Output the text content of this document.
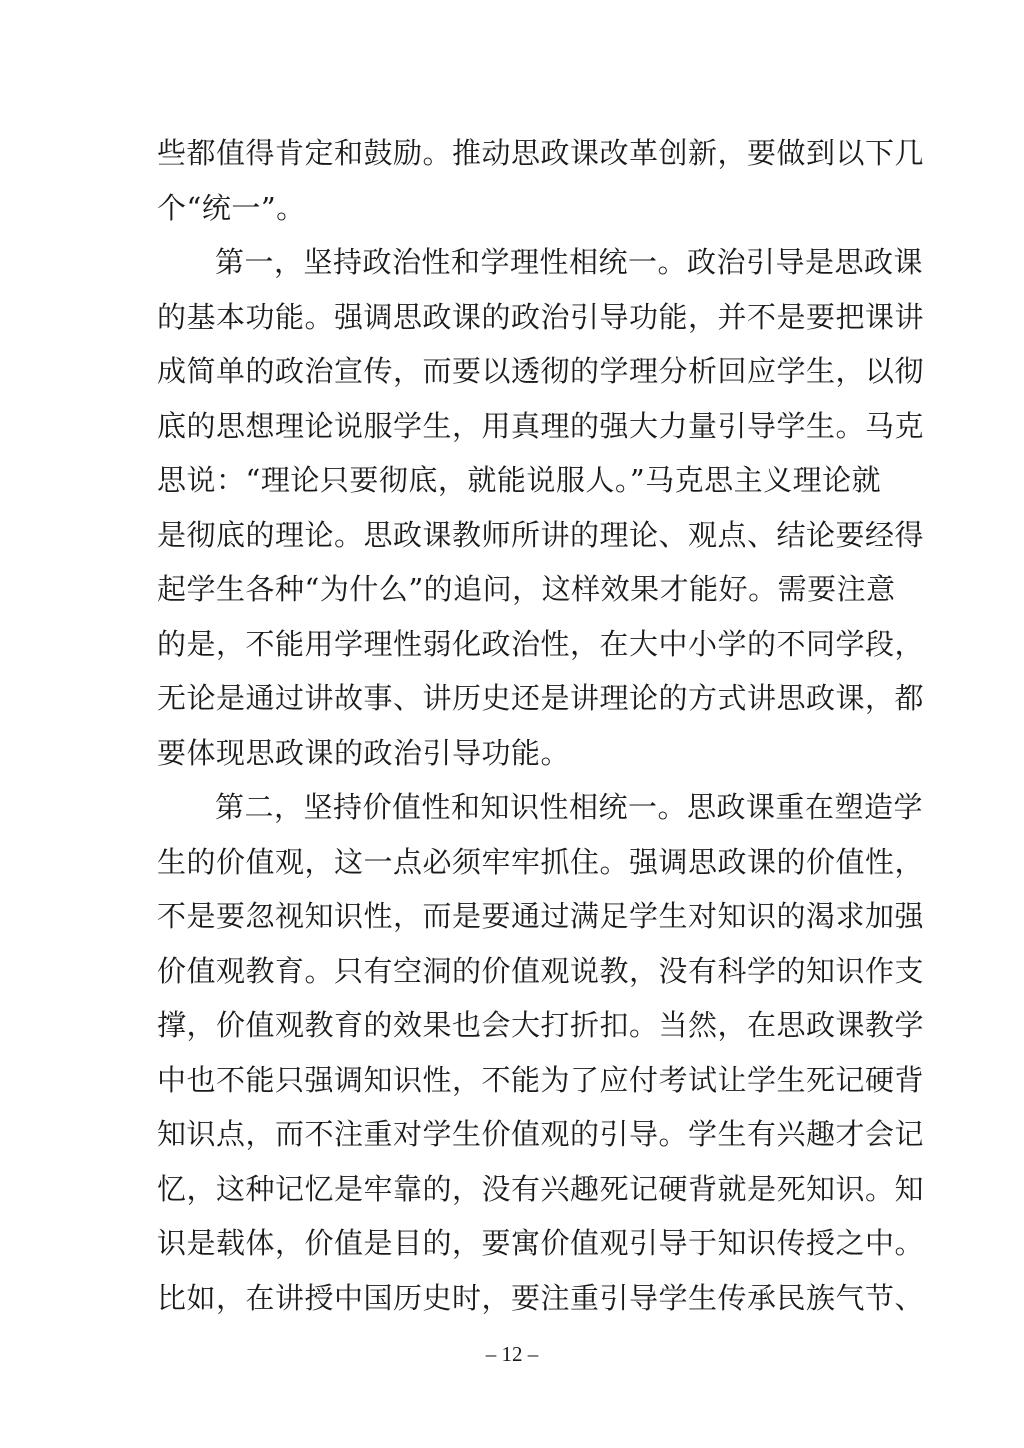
些都值得肯定和鼓励。推动思政课改革创新，要做到以下几
个“统一”。
第一，坚持政治性和学理性相统一。政治引导是思政课
的基本功能。强调思政课的政治引导功能，并不是要把课讲
成简单的政治宣传，而要以透彻的学理分析回应学生，以彻
底的思想理论说服学生，用真理的强大力量引导学生。马克
思说：“理论只要彻底，就能说服人。”马克思主义理论就
是彻底的理论。思政课教师所讲的理论、观点、结论要经得
起学生各种“为什么”的追问，这样效果才能好。需要注意
的是，不能用学理性弱化政治性，在大中小学的不同学段，
无论是通过讲故事、讲历史还是讲理论的方式讲思政课，都
要体现思政课的政治引导功能。
第二，坚持价值性和知识性相统一。思政课重在塑造学
生的价值观，这一点必须牢牢抓住。强调思政课的价值性，
不是要忽视知识性，而是要通过满足学生对知识的渴求加强
价值观教育。只有空洞的价值观说教，没有科学的知识作支
撑，价值观教育的效果也会大打折扣。当然，在思政课教学
中也不能只强调知识性，不能为了应付考试让学生死记硬背
知识点，而不注重对学生价值观的引导。学生有兴趣才会记
忆，这种记忆是牢靠的，没有兴趣死记硬背就是死知识。知
识是载体，价值是目的，要寓价值观引导于知识传授之中。
比如，在讲授中国历史时，要注重引导学生传承民族气节、
– 12 –
